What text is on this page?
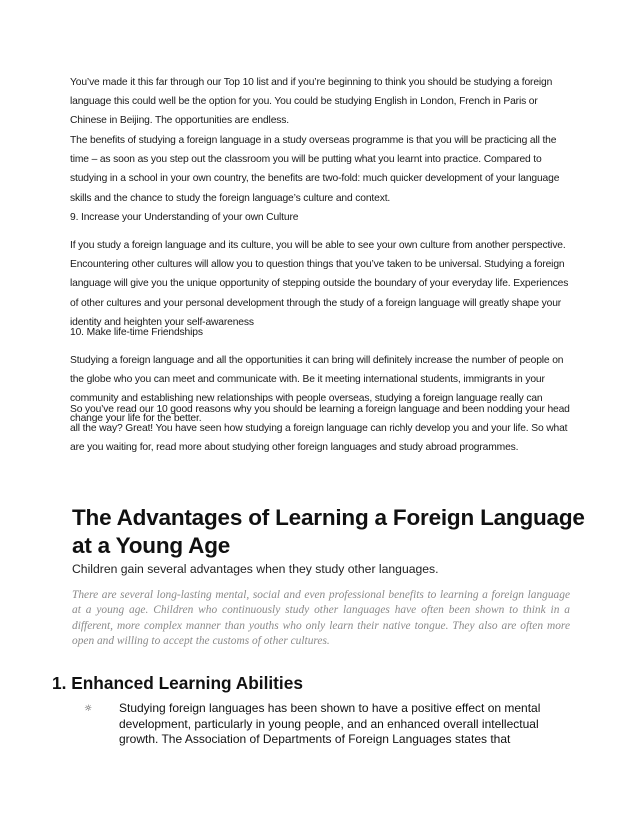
You’ve made it this far through our Top 10 list and if you’re beginning to think you should be studying a foreign language this could well be the option for you. You could be studying English in London, French in Paris or Chinese in Beijing. The opportunities are endless.

The benefits of studying a foreign language in a study overseas programme is that you will be practicing all the time – as soon as you step out the classroom you will be putting what you learnt into practice. Compared to studying in a school in your own country, the benefits are two-fold: much quicker development of your language skills and the chance to study the foreign language’s culture and context.

9. Increase your Understanding of your own Culture

If you study a foreign language and its culture, you will be able to see your own culture from another perspective. Encountering other cultures will allow you to question things that you’ve taken to be universal. Studying a foreign language will give you the unique opportunity of stepping outside the boundary of your everyday life. Experiences of other cultures and your personal development through the study of a foreign language will greatly shape your identity and heighten your self-awareness

10. Make life-time Friendships

Studying a foreign language and all the opportunities it can bring will definitely increase the number of people on the globe who you can meet and communicate with. Be it meeting international students, immigrants in your community and establishing new relationships with people overseas, studying a foreign language really can change your life for the better.

So you’ve read our 10 good reasons why you should be learning a foreign language and been nodding your head all the way? Great! You have seen how studying a foreign language can richly develop you and your life. So what are you waiting for, read more about studying other foreign languages and study abroad programmes.

The Advantages of Learning a Foreign Language at a Young Age

Children gain several advantages when they study other languages.

There are several long-lasting mental, social and even professional benefits to learning a foreign language at a young age. Children who continuously study other languages have often been shown to think in a different, more complex manner than youths who only learn their native tongue. They also are often more open and willing to accept the customs of other cultures.

1. Enhanced Learning Abilities
☼ Studying foreign languages has been shown to have a positive effect on mental development, particularly in young people, and an enhanced overall intellectual growth. The Association of Departments of Foreign Languages states that
